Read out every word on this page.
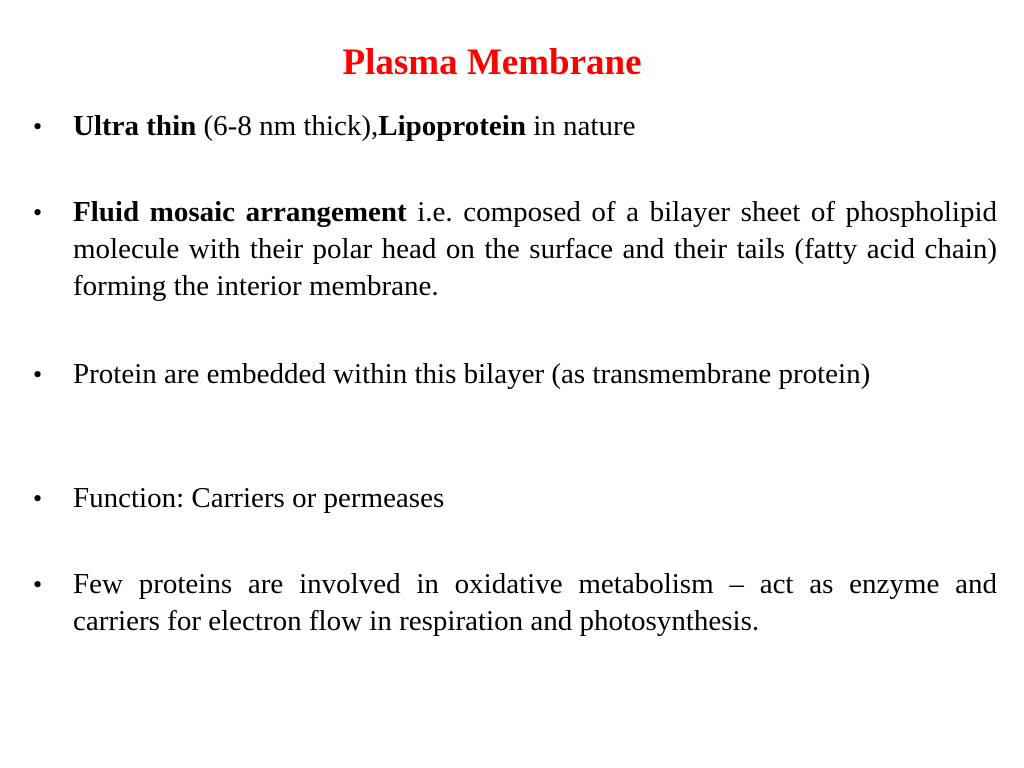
Plasma Membrane
• Ultra thin (6-8 nm thick),Lipoprotein in nature
• Fluid mosaic arrangement i.e. composed of a bilayer sheet of phospholipid molecule with their polar head on the surface and their tails (fatty acid chain) forming the interior membrane.
• Protein are embedded within this bilayer (as transmembrane protein)
• Function: Carriers or permeases
• Few proteins are involved in oxidative metabolism – act as enzyme and carriers for electron flow in respiration and photosynthesis.
